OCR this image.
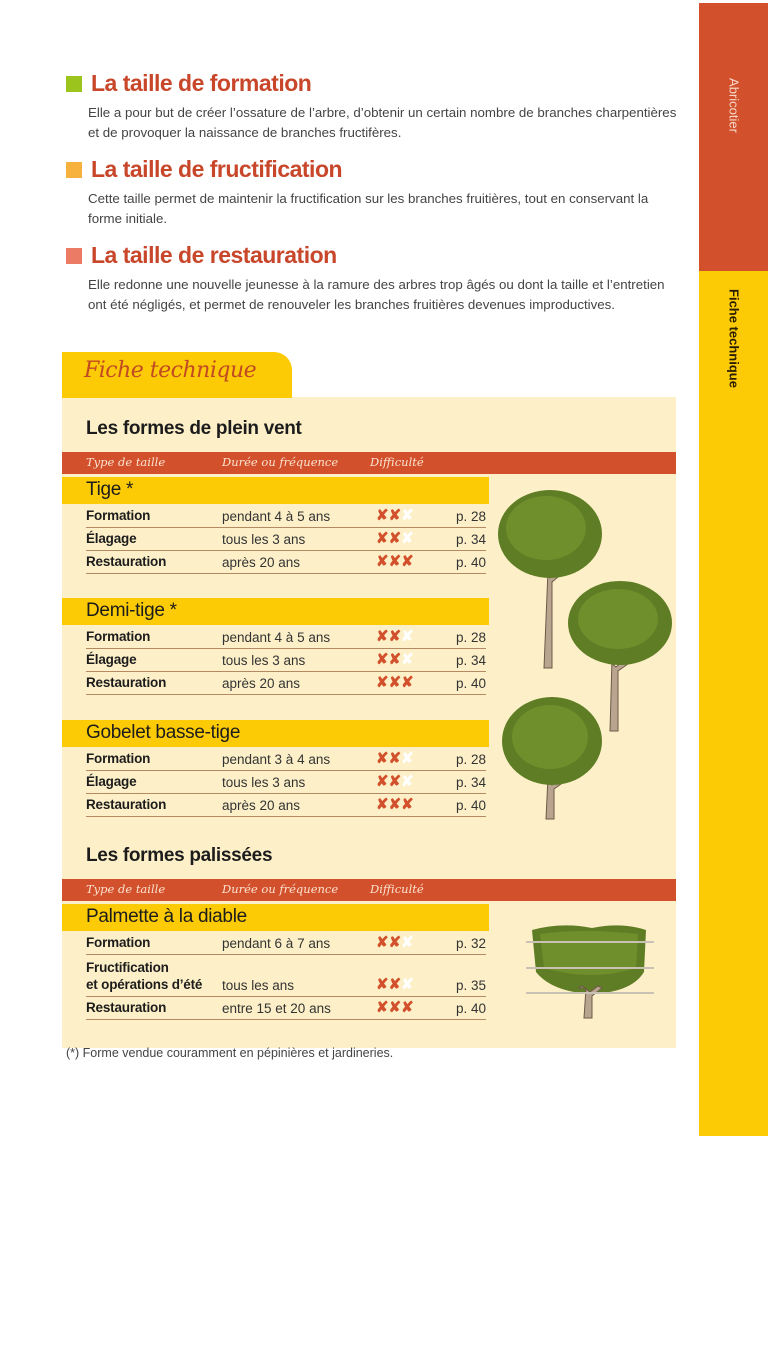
Abricotier
Fiche technique
21
La taille de formation

Elle a pour but de créer l’ossature de l’arbre, d’obtenir un certain nombre de branches charpentières et de provoquer la naissance de branches fructifères.

La taille de fructification

Cette taille permet de maintenir la fructification sur les branches fruitières, tout en conservant la forme initiale.

La taille de restauration

Elle redonne une nouvelle jeunesse à la ramure des arbres trop âgés ou dont la taille et l’entretien ont été négligés, et permet de renouveler les branches fruitières devenues improductives.

Fiche technique
Les formes de plein vent
Type de taille	Durée ou fréquence	Difficulté
Tige *
Formation	pendant 4 à 5 ans	✘✘✘	p. 28
Élagage	tous les 3 ans	✘✘✘	p. 34
Restauration	après 20 ans	✘✘✘	p. 40
Demi-tige *
Formation	pendant 4 à 5 ans	✘✘✘	p. 28
Élagage	tous les 3 ans	✘✘✘	p. 34
Restauration	après 20 ans	✘✘✘	p. 40
Gobelet basse-tige
Formation	pendant 3 à 4 ans	✘✘✘	p. 28
Élagage	tous les 3 ans	✘✘✘	p. 34
Restauration	après 20 ans	✘✘✘	p. 40
Les formes palissées
Type de taille	Durée ou fréquence	Difficulté
Palmette à la diable
Formation	pendant 6 à 7 ans	✘✘✘	p. 32
Fructification
et opérations d’été tous les ans	✘✘✘	p. 35
Restauration	entre 15 et 20 ans	✘✘✘	p. 40
(*) Forme vendue couramment en pépinières et jardineries.
